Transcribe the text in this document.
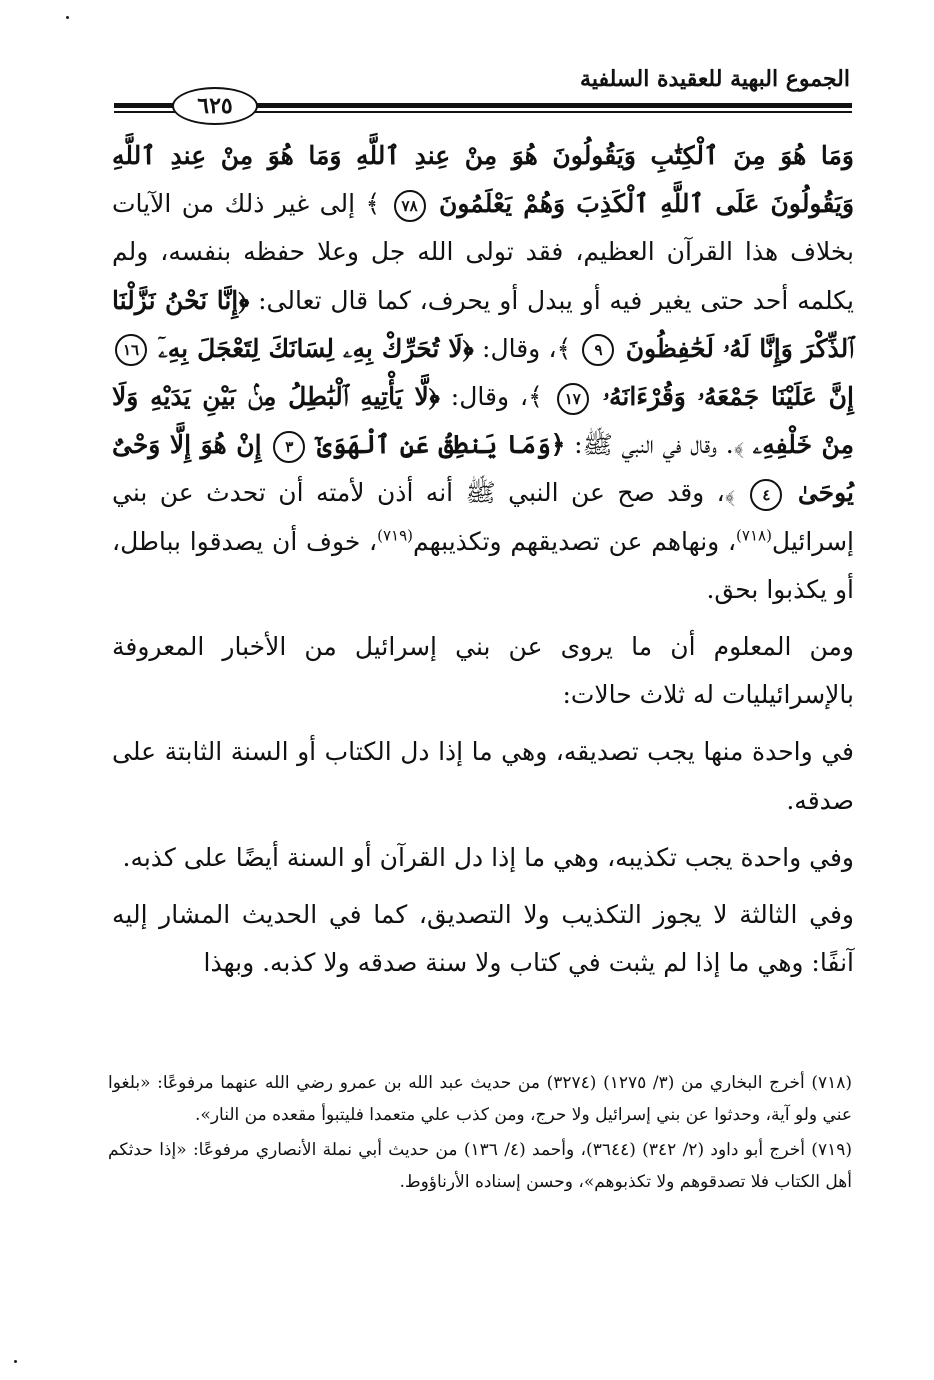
الجموع البهية للعقيدة السلفية
٦٢٥

وَمَا هُوَ مِنَ ٱلْكِتَٰبِ وَيَقُولُونَ هُوَ مِنْ عِندِ ٱللَّهِ وَمَا هُوَ مِنْ عِندِ ٱللَّهِ وَيَقُولُونَ عَلَى ٱللَّهِ ٱلْكَذِبَ وَهُمْ يَعْلَمُونَ ٧٨ ﴾ إلى غير ذلك من الآيات بخلاف هذا القرآن العظيم، فقد تولى الله جل وعلا حفظه بنفسه، ولم يكلمه أحد حتى يغير فيه أو يبدل أو يحرف، كما قال تعالى: ﴿إِنَّا نَحْنُ نَزَّلْنَا ٱلذِّكْرَ وَإِنَّا لَهُۥ لَحَٰفِظُونَ ٩ ﴾، وقال: ﴿لَا تُحَرِّكْ بِهِۦ لِسَانَكَ لِتَعْجَلَ بِهِۦٓ ١٦ إِنَّ عَلَيْنَا جَمْعَهُۥ وَقُرْءَانَهُۥ ١٧ ﴾، وقال: ﴿لَّا يَأْتِيهِ ٱلْبَٰطِلُ مِنۢ بَيْنِ يَدَيْهِ وَلَا مِنْ خَلْفِهِۦ ﴾. وقال في النبي ﷺ: ﴿وَمَا يَنطِقُ عَنِ ٱلْهَوَىٰٓ ٣ إِنْ هُوَ إِلَّا وَحْىٌ يُوحَىٰ ٤ ﴾، وقد صح عن النبي ﷺ أنه أذن لأمته أن تحدث عن بني إسرائيل$^{(٧١٨)}$، ونهاهم عن تصديقهم وتكذيبهم$^{(٧١٩)}$، خوف أن يصدقوا بباطل، أو يكذبوا بحق.

ومن المعلوم أن ما يروى عن بني إسرائيل من الأخبار المعروفة بالإسرائيليات له ثلاث حالات:

في واحدة منها يجب تصديقه، وهي ما إذا دل الكتاب أو السنة الثابتة على صدقه.

وفي واحدة يجب تكذيبه، وهي ما إذا دل القرآن أو السنة أيضًا على كذبه.

وفي الثالثة لا يجوز التكذيب ولا التصديق، كما في الحديث المشار إليه آنفًا: وهي ما إذا لم يثبت في كتاب ولا سنة صدقه ولا كذبه. وبهذا

(٧١٨) أخرج البخاري من (٣/ ١٢٧٥) (٣٢٧٤) من حديث عبد الله بن عمرو رضي الله عنهما مرفوعًا: «بلغوا عني ولو آية، وحدثوا عن بني إسرائيل ولا حرج، ومن كذب علي متعمدا فليتبوأ مقعده من النار».

(٧١٩) أخرج أبو داود (٢/ ٣٤٢) (٣٦٤٤)، وأحمد (٤/ ١٣٦) من حديث أبي نملة الأنصاري مرفوعًا: «إذا حدثكم أهل الكتاب فلا تصدقوهم ولا تكذبوهم»، وحسن إسناده الأرناؤوط.
